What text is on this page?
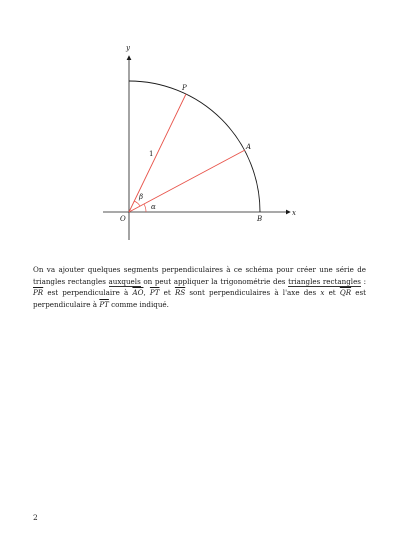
y
x
O
P
A
B
1
β
α
On va ajouter quelques segments perpendiculaires à ce schéma pour créer une série de triangles rectangles auxquels on peut appliquer la trigonométrie des triangles rectangles : $\overline{PR}$ est perpendiculaire à $\overline{AO}$, $\overline{PT}$ et $\overline{RS}$ sont perpendiculaires à l'axe des x et $\overline{QR}$ est perpendiculaire à $\overline{PT}$ comme indiqué.
2
